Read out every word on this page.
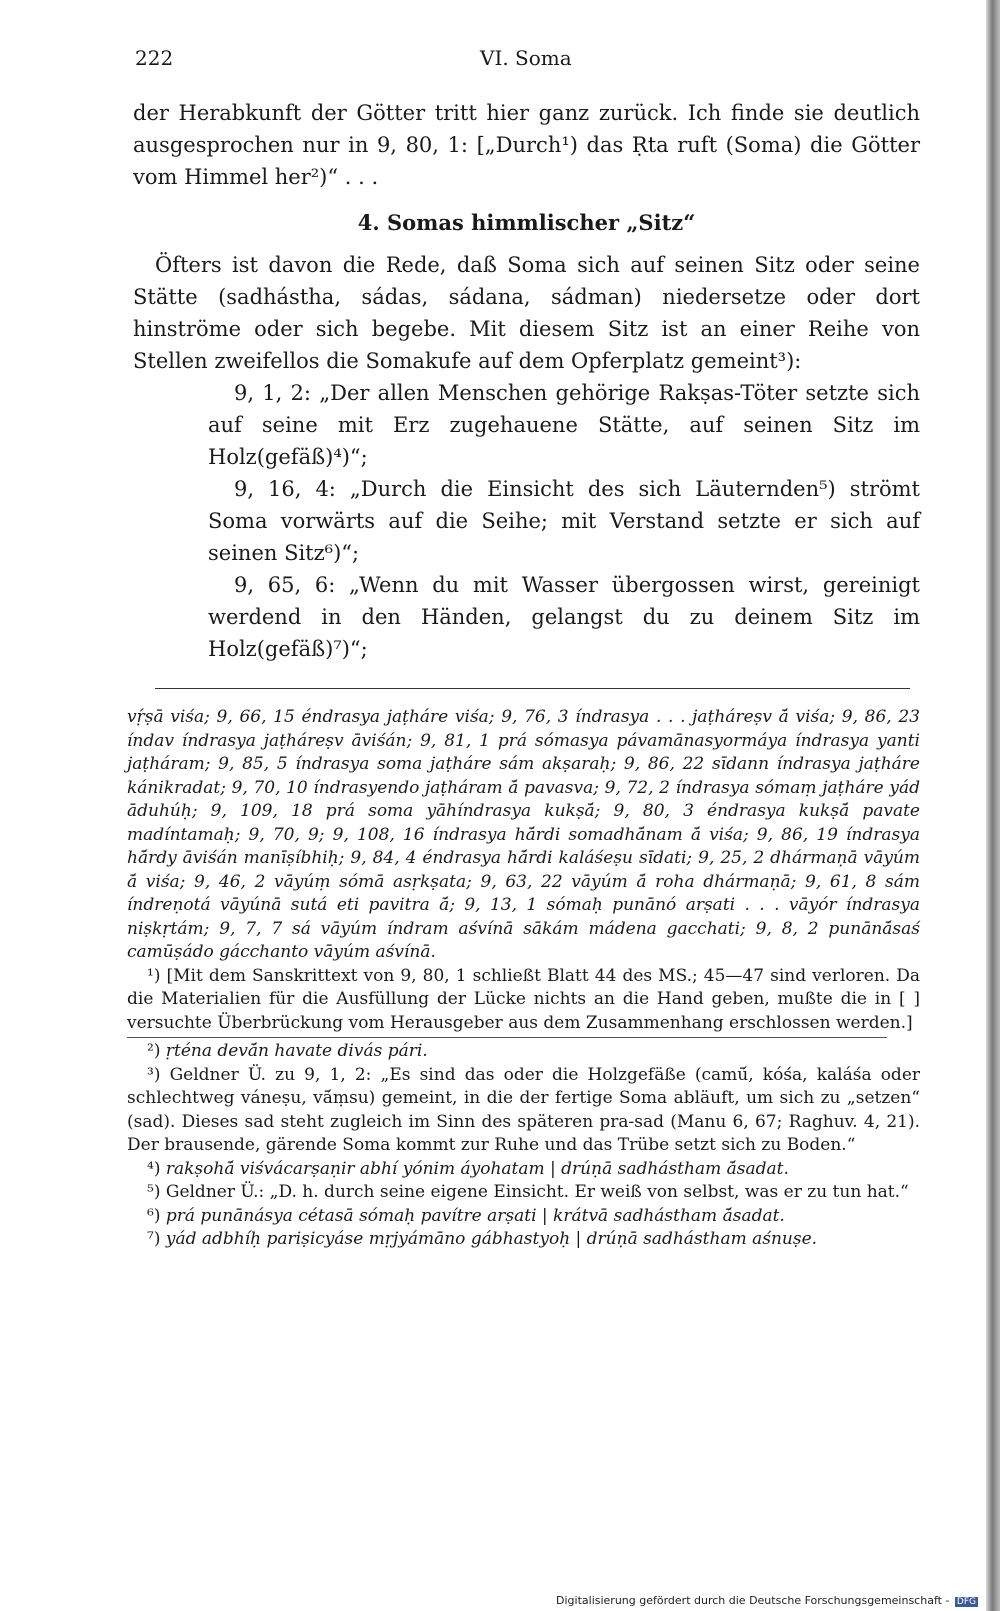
222	VI. Soma

der Herabkunft der Götter tritt hier ganz zurück. Ich finde sie deutlich ausgesprochen nur in 9, 80, 1: [„Durch¹) das Ṛta ruft (Soma) die Götter vom Himmel her²)“ . . .

4. Somas himmlischer „Sitz“

Öfters ist davon die Rede, daß Soma sich auf seinen Sitz oder seine Stätte (sadhástha, sádas, sádana, sádman) niedersetze oder dort hinströme oder sich begebe. Mit diesem Sitz ist an einer Reihe von Stellen zweifellos die Somakufe auf dem Opferplatz gemeint³):

9, 1, 2: „Der allen Menschen gehörige Rakṣas-Töter setzte sich auf seine mit Erz zugehauene Stätte, auf seinen Sitz im Holz(gefäß)⁴)“;

9, 16, 4: „Durch die Einsicht des sich Läuternden⁵) strömt Soma vorwärts auf die Seihe; mit Verstand setzte er sich auf seinen Sitz⁶)“;

9, 65, 6: „Wenn du mit Wasser übergossen wirst, gereinigt werdend in den Händen, gelangst du zu deinem Sitz im Holz(gefäß)⁷)“;

vṛ́ṣā viśa; 9, 66, 15 éndrasya jaṭháre viśa; 9, 76, 3 índrasya . . . jaṭháreṣv ā́ viśa; 9, 86, 23 índav índrasya jaṭháreṣv āviśán; 9, 81, 1 prá sómasya pávamānasyormáya índrasya yanti jaṭháram; 9, 85, 5 índrasya soma jaṭháre sám akṣaraḥ; 9, 86, 22 sīdann índrasya jaṭháre kánikradat; 9, 70, 10 índrasyendo jaṭháram ā́ pavasva; 9, 72, 2 índrasya sómaṃ jaṭháre yád āduhúḥ; 9, 109, 18 prá soma yāhíndrasya kukṣā́; 9, 80, 3 éndrasya kukṣā́ pavate madíntamaḥ; 9, 70, 9; 9, 108, 16 índrasya hā́rdi somadhā́nam ā́ viśa; 9, 86, 19 índrasya hā́rdy āviśán manīṣíbhiḥ; 9, 84, 4 éndrasya hā́rdi kaláśeṣu sīdati; 9, 25, 2 dhármaṇā vāyúm ā́ viśa; 9, 46, 2 vāyúṃ sómā asṛkṣata; 9, 63, 22 vāyúm ā́ roha dhármaṇā; 9, 61, 8 sám índreṇotá vāyúnā sutá eti pavitra ā́; 9, 13, 1 sómaḥ punānó arṣati . . . vāyór índrasya niṣkṛtám; 9, 7, 7 sá vāyúm índram aśvínā sākám mádena gacchati; 9, 8, 2 punānā́saś camūṣádo gácchanto vāyúm aśvínā.

¹) [Mit dem Sanskrittext von 9, 80, 1 schließt Blatt 44 des MS.; 45—47 sind verloren. Da die Materialien für die Ausfüllung der Lücke nichts an die Hand geben, mußte die in [ ] versuchte Überbrückung vom Herausgeber aus dem Zusammenhang erschlossen werden.]

²) ṛténa devā́n havate divás pári.

³) Geldner Ü. zu 9, 1, 2: „Es sind das oder die Holzgefäße (camū́, kóśa, kaláśa oder schlechtweg váneṣu, vā́ṃsu) gemeint, in die der fertige Soma abläuft, um sich zu „setzen“ (sad). Dieses sad steht zugleich im Sinn des späteren pra-sad (Manu 6, 67; Raghuv. 4, 21). Der brausende, gärende Soma kommt zur Ruhe und das Trübe setzt sich zu Boden.“

⁴) rakṣohā́ viśvácarṣaṇir abhí yónim áyohatam | drúṇā sadhástham ā́sadat.

⁵) Geldner Ü.: „D. h. durch seine eigene Einsicht. Er weiß von selbst, was er zu tun hat.“

⁶) prá punānásya cétasā sómaḥ pavítre arṣati | krátvā sadhástham ā́sadat.

⁷) yád adbhíḥ pariṣicyáse mṛjyámāno gábhastyoḥ | drúṇā sadhástham aśnuṣe.

Digitalisierung gefördert durch die Deutsche Forschungsgemeinschaft - DFG
